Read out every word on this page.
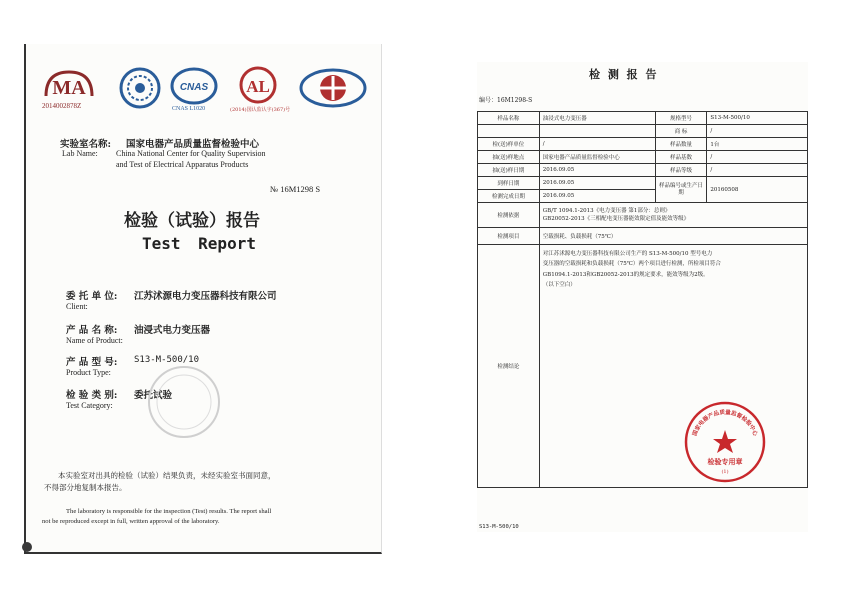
MA
2014002878Z
CNAS
CNAS L1020
AL
(2014)国认监认字(367)号
实验室名称: 国家电器产品质量监督检验中心
Lab Name: China National Center for Quality Supervision
and Test of Electrical Apparatus Products
№ 16M1298 S
检验（试验）报告
Test Report
委 托 单 位: 江苏沭源电力变压器科技有限公司
Client:
产 品 名 称: 油浸式电力变压器
Name of Product:
产 品 型 号: S13-M-500/10
Product Type:
检 验 类 别: 委托试验
Test Category:
本实验室对出具的检验（试验）结果负责，未经实验室书面同意，
不得部分地复制本报告。
The laboratory is responsible for the inspection (Test) results. The report shall
not be reproduced except in full, written approval of the laboratory.
检 测 报 告
编号：16M1298-S
样品名称	油浸式电力变压器	规格型号	S13-M-500/10
		商 标	/
检(送)样单位	/	样品数量	1台
抽(送)样地点	国家电器产品质量监督检验中心	样品基数	/
抽(送)样日期	2016.09.05	样品等级	/
到样日期	2016.09.05	样品编号或生产日期	20160508
检测完成日期	2016.09.05		
检测依据	GB/T 1094.1-2013《电力变压器 第1部分：总则》
GB20052-2013《三相配电变压器能效限定值及能效等级》		

检测项目	空载损耗、负载损耗（75℃）		
检测结论	对江苏沭源电力变压器科技有限公司生产的 S13-M-500/10 型号电力
变压器的空载损耗和负载损耗（75℃）两个项目进行检测，所检项目符合
GB1094.1-2013和GB20052-2013的规定要求，能效等级为2级。
（以下空白）		
国家电器产品质量监督检验中心
检验专用章
(1)
S13-M-500/10
